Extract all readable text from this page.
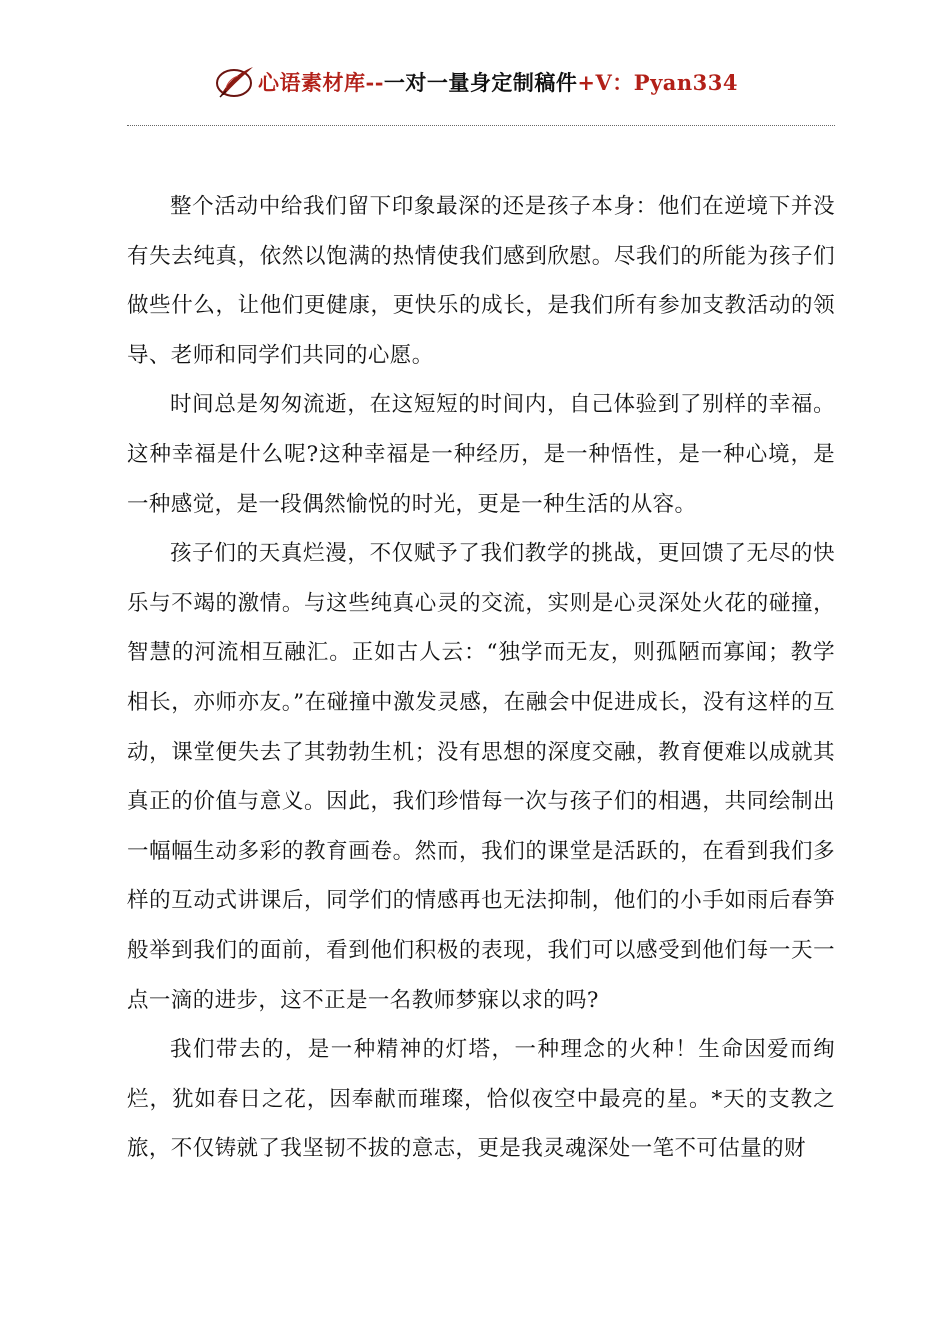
心语素材库--一对一量身定制稿件+V：Pyan334

整个活动中给我们留下印象最深的还是孩子本身：他们在逆境下并没有失去纯真，依然以饱满的热情使我们感到欣慰。尽我们的所能为孩子们做些什么，让他们更健康，更快乐的成长，是我们所有参加支教活动的领导、老师和同学们共同的心愿。

时间总是匆匆流逝，在这短短的时间内，自己体验到了别样的幸福。这种幸福是什么呢?这种幸福是一种经历，是一种悟性，是一种心境，是一种感觉，是一段偶然愉悦的时光，更是一种生活的从容。

孩子们的天真烂漫，不仅赋予了我们教学的挑战，更回馈了无尽的快乐与不竭的激情。与这些纯真心灵的交流，实则是心灵深处火花的碰撞，智慧的河流相互融汇。正如古人云：“独学而无友，则孤陋而寡闻；教学相长，亦师亦友。”在碰撞中激发灵感，在融会中促进成长，没有这样的互动，课堂便失去了其勃勃生机；没有思想的深度交融，教育便难以成就其真正的价值与意义。因此，我们珍惜每一次与孩子们的相遇，共同绘制出一幅幅生动多彩的教育画卷。然而，我们的课堂是活跃的，在看到我们多样的互动式讲课后，同学们的情感再也无法抑制，他们的小手如雨后春笋般举到我们的面前，看到他们积极的表现，我们可以感受到他们每一天一点一滴的进步，这不正是一名教师梦寐以求的吗?

我们带去的，是一种精神的灯塔，一种理念的火种！生命因爱而绚烂，犹如春日之花，因奉献而璀璨，恰似夜空中最亮的星。*天的支教之旅，不仅铸就了我坚韧不拔的意志，更是我灵魂深处一笔不可估量的财
